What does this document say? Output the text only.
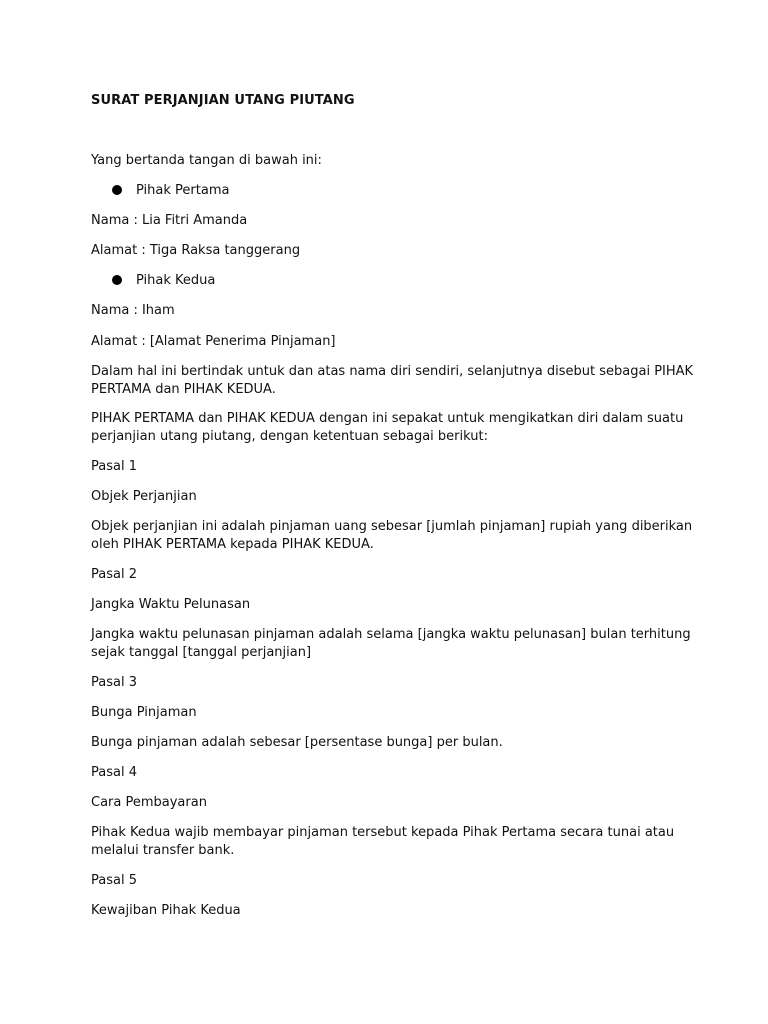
SURAT PERJANJIAN UTANG PIUTANG
Yang bertanda tangan di bawah ini:
Pihak Pertama
Nama : Lia Fitri Amanda
Alamat : Tiga Raksa tanggerang
Pihak Kedua
Nama : Iham
Alamat : [Alamat Penerima Pinjaman]
Dalam hal ini bertindak untuk dan atas nama diri sendiri, selanjutnya disebut sebagai PIHAK
PERTAMA dan PIHAK KEDUA.
PIHAK PERTAMA dan PIHAK KEDUA dengan ini sepakat untuk mengikatkan diri dalam suatu
perjanjian utang piutang, dengan ketentuan sebagai berikut:
Pasal 1
Objek Perjanjian
Objek perjanjian ini adalah pinjaman uang sebesar [jumlah pinjaman] rupiah yang diberikan
oleh PIHAK PERTAMA kepada PIHAK KEDUA.
Pasal 2
Jangka Waktu Pelunasan
Jangka waktu pelunasan pinjaman adalah selama [jangka waktu pelunasan] bulan terhitung
sejak tanggal [tanggal perjanjian]
Pasal 3
Bunga Pinjaman
Bunga pinjaman adalah sebesar [persentase bunga] per bulan.
Pasal 4
Cara Pembayaran
Pihak Kedua wajib membayar pinjaman tersebut kepada Pihak Pertama secara tunai atau
melalui transfer bank.
Pasal 5
Kewajiban Pihak Kedua
